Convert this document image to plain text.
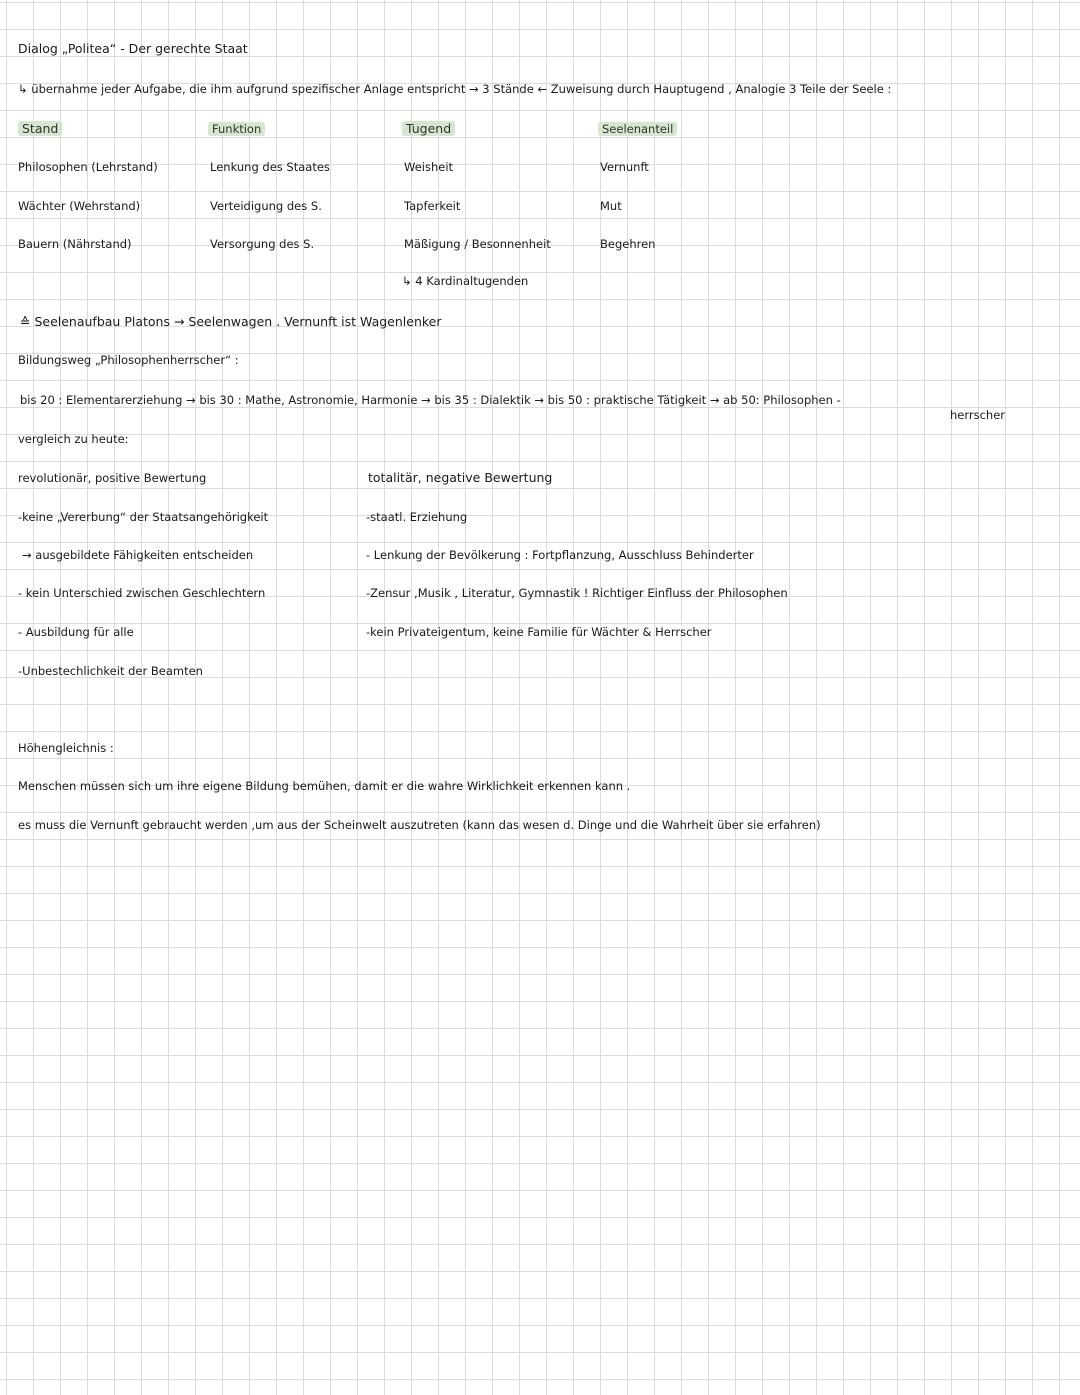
Dialog „Politea“ - Der gerechte Staat
↳ übernahme jeder Aufgabe, die ihm aufgrund spezifischer Anlage entspricht → 3 Stände ← Zuweisung durch Hauptugend , Analogie 3 Teile der Seele :
Stand	Funktion	Tugend	Seelenanteil
Philosophen (Lehrstand)	Lenkung des Staates	Weisheit	Vernunft
Wächter (Wehrstand)	Verteidigung des S.	Tapferkeit	Mut
Bauern (Nährstand)	Versorgung des S.	Mäßigung / Besonnenheit	Begehren
↳ 4 Kardinaltugenden
≙ Seelenaufbau Platons → Seelenwagen . Vernunft ist Wagenlenker
Bildungsweg „Philosophenherrscher“ :
bis 20 : Elementarerziehung → bis 30 : Mathe, Astronomie, Harmonie → bis 35 : Dialektik → bis 50 : praktische Tätigkeit → ab 50: Philosophen -
herrscher
vergleich zu heute:
revolutionär, positive Bewertung	totalitär, negative Bewertung
-keine „Vererbung“ der Staatsangehörigkeit
→ ausgebildete Fähigkeiten entscheiden
- kein Unterschied zwischen Geschlechtern
- Ausbildung für alle
-Unbestechlichkeit der Beamten
-staatl. Erziehung
- Lenkung der Bevölkerung : Fortpflanzung, Ausschluss Behinderter
-Zensur ,Musik , Literatur, Gymnastik ! Richtiger Einfluss der Philosophen
-kein Privateigentum, keine Familie für Wächter & Herrscher
Höhengleichnis :
Menschen müssen sich um ihre eigene Bildung bemühen, damit er die wahre Wirklichkeit erkennen kann .
es muss die Vernunft gebraucht werden ,um aus der Scheinwelt auszutreten (kann das wesen d. Dinge und die Wahrheit über sie erfahren)
